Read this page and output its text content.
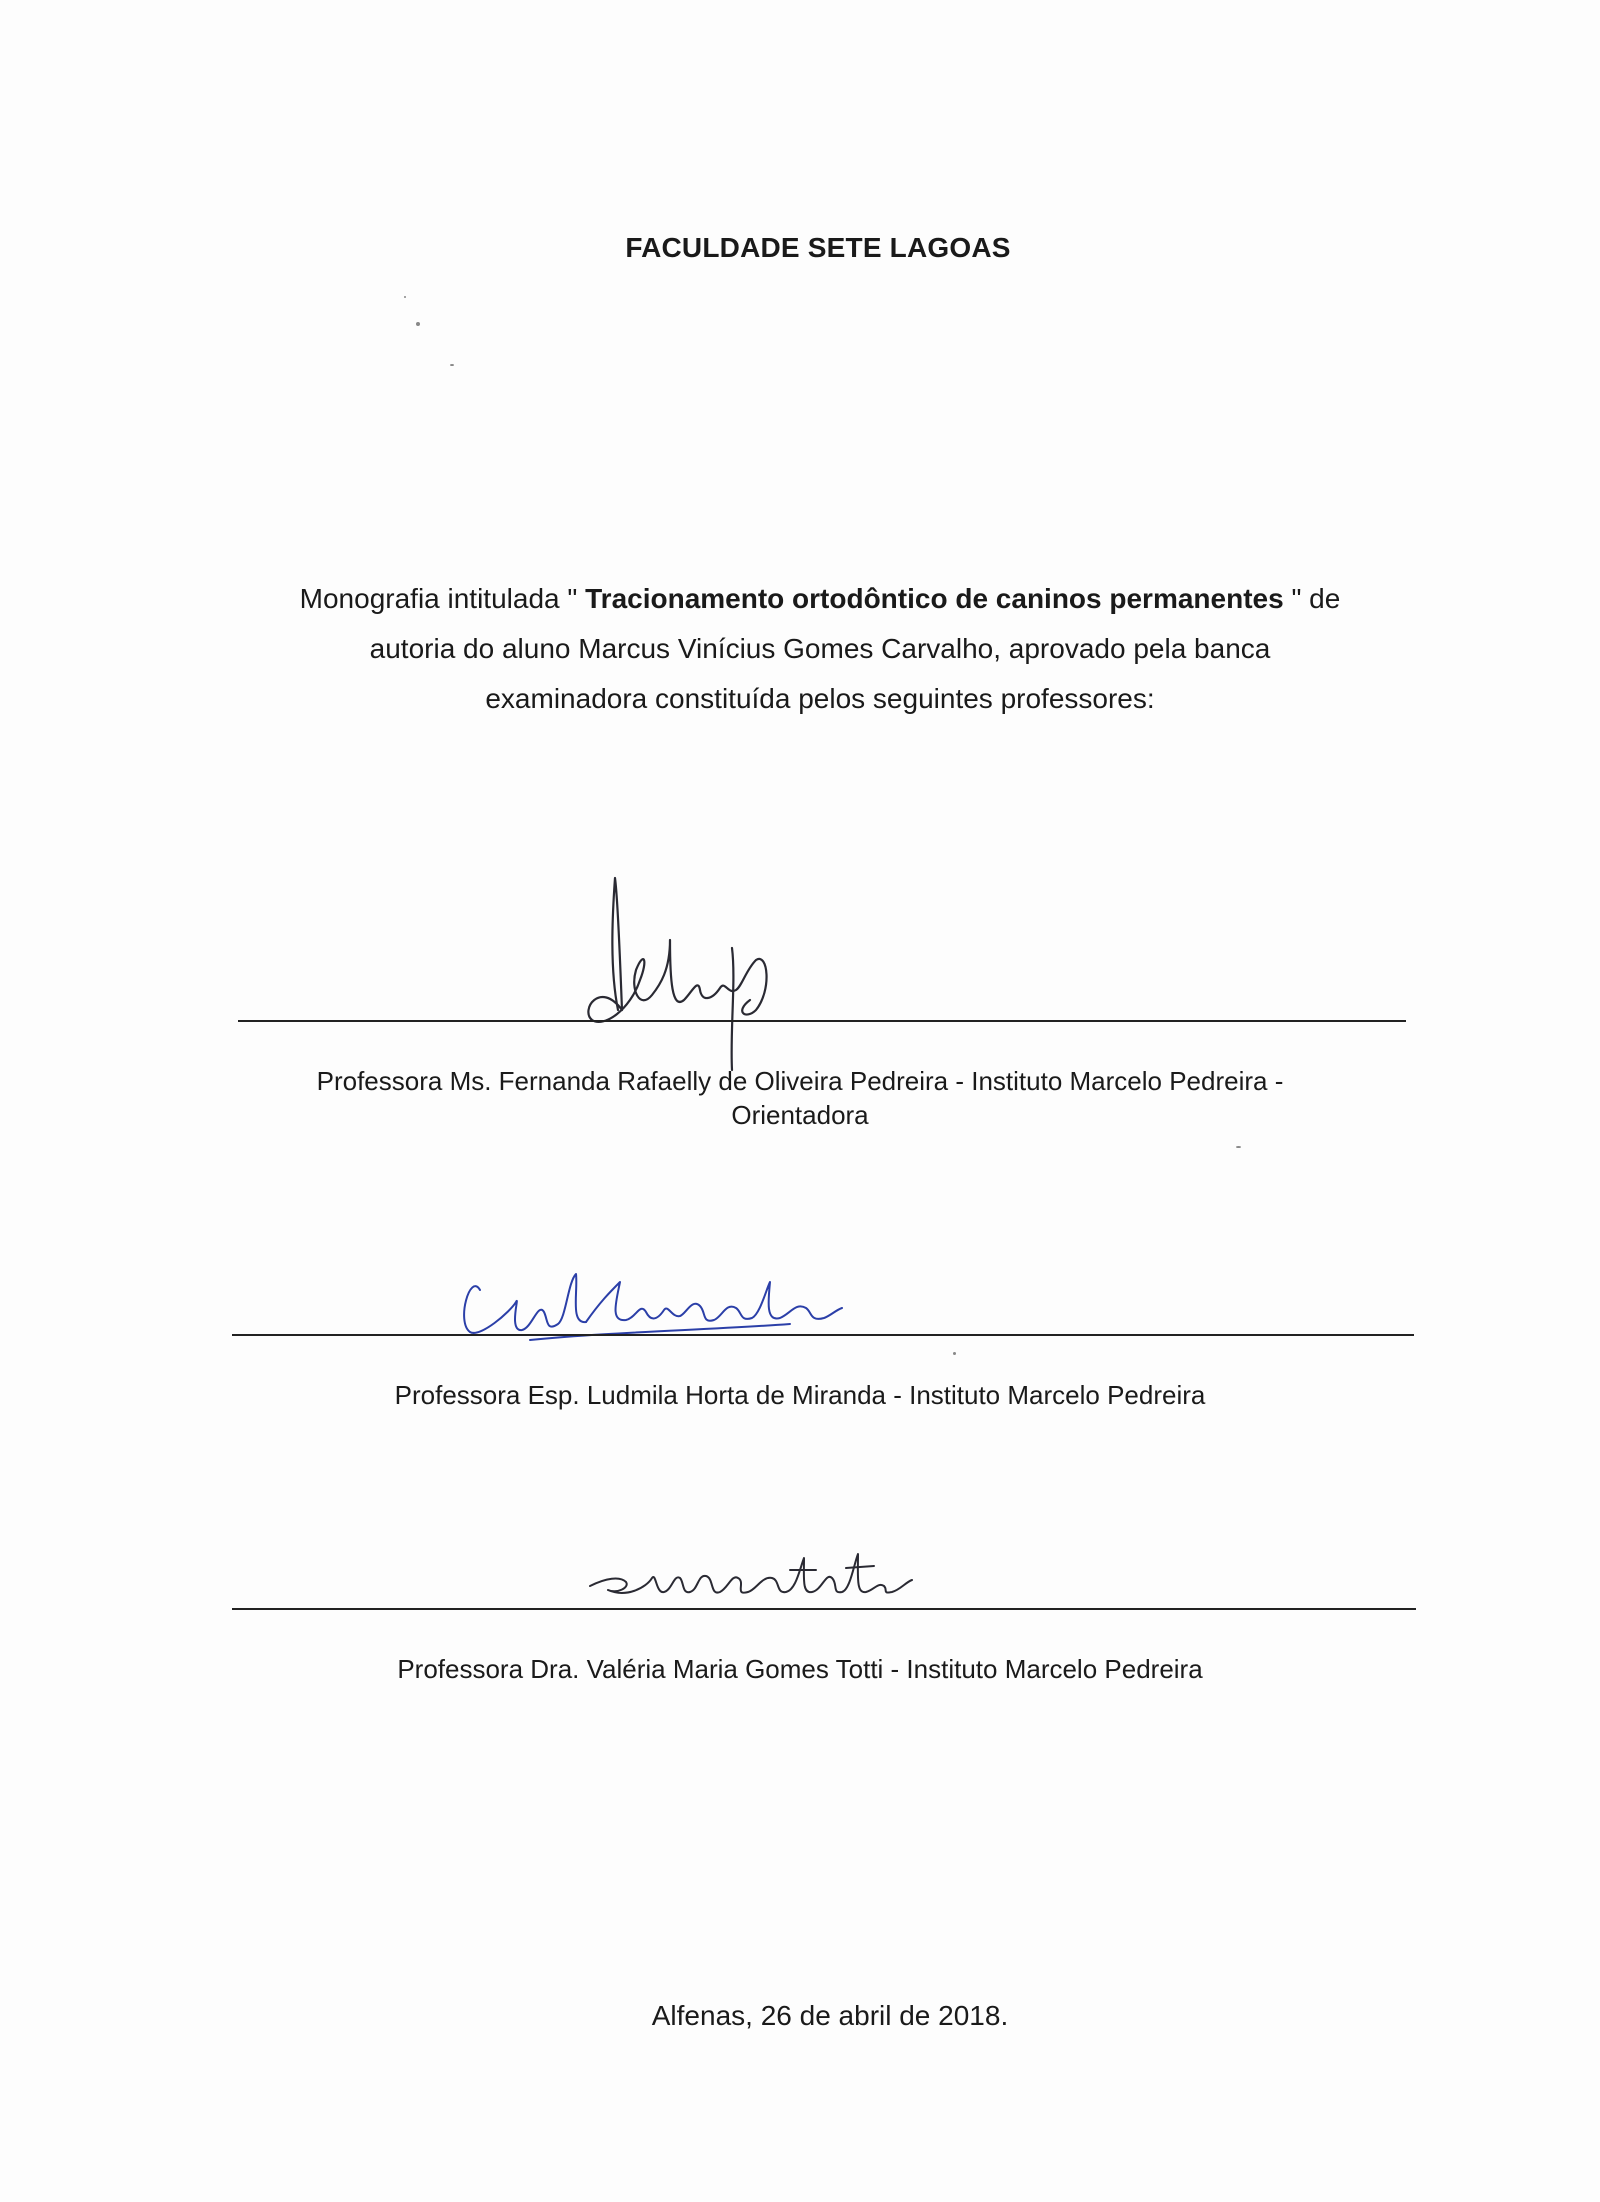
FACULDADE SETE LAGOAS
Monografia intitulada " Tracionamento ortodôntico de caninos permanentes " de
autoria do aluno Marcus Vinícius Gomes Carvalho, aprovado pela banca
examinadora constituída pelos seguintes professores:
Professora Ms. Fernanda Rafaelly de Oliveira Pedreira - Instituto Marcelo Pedreira -
Orientadora
Professora Esp. Ludmila Horta de Miranda - Instituto Marcelo Pedreira
Professora Dra. Valéria Maria Gomes Totti - Instituto Marcelo Pedreira
Alfenas, 26 de abril de 2018.
